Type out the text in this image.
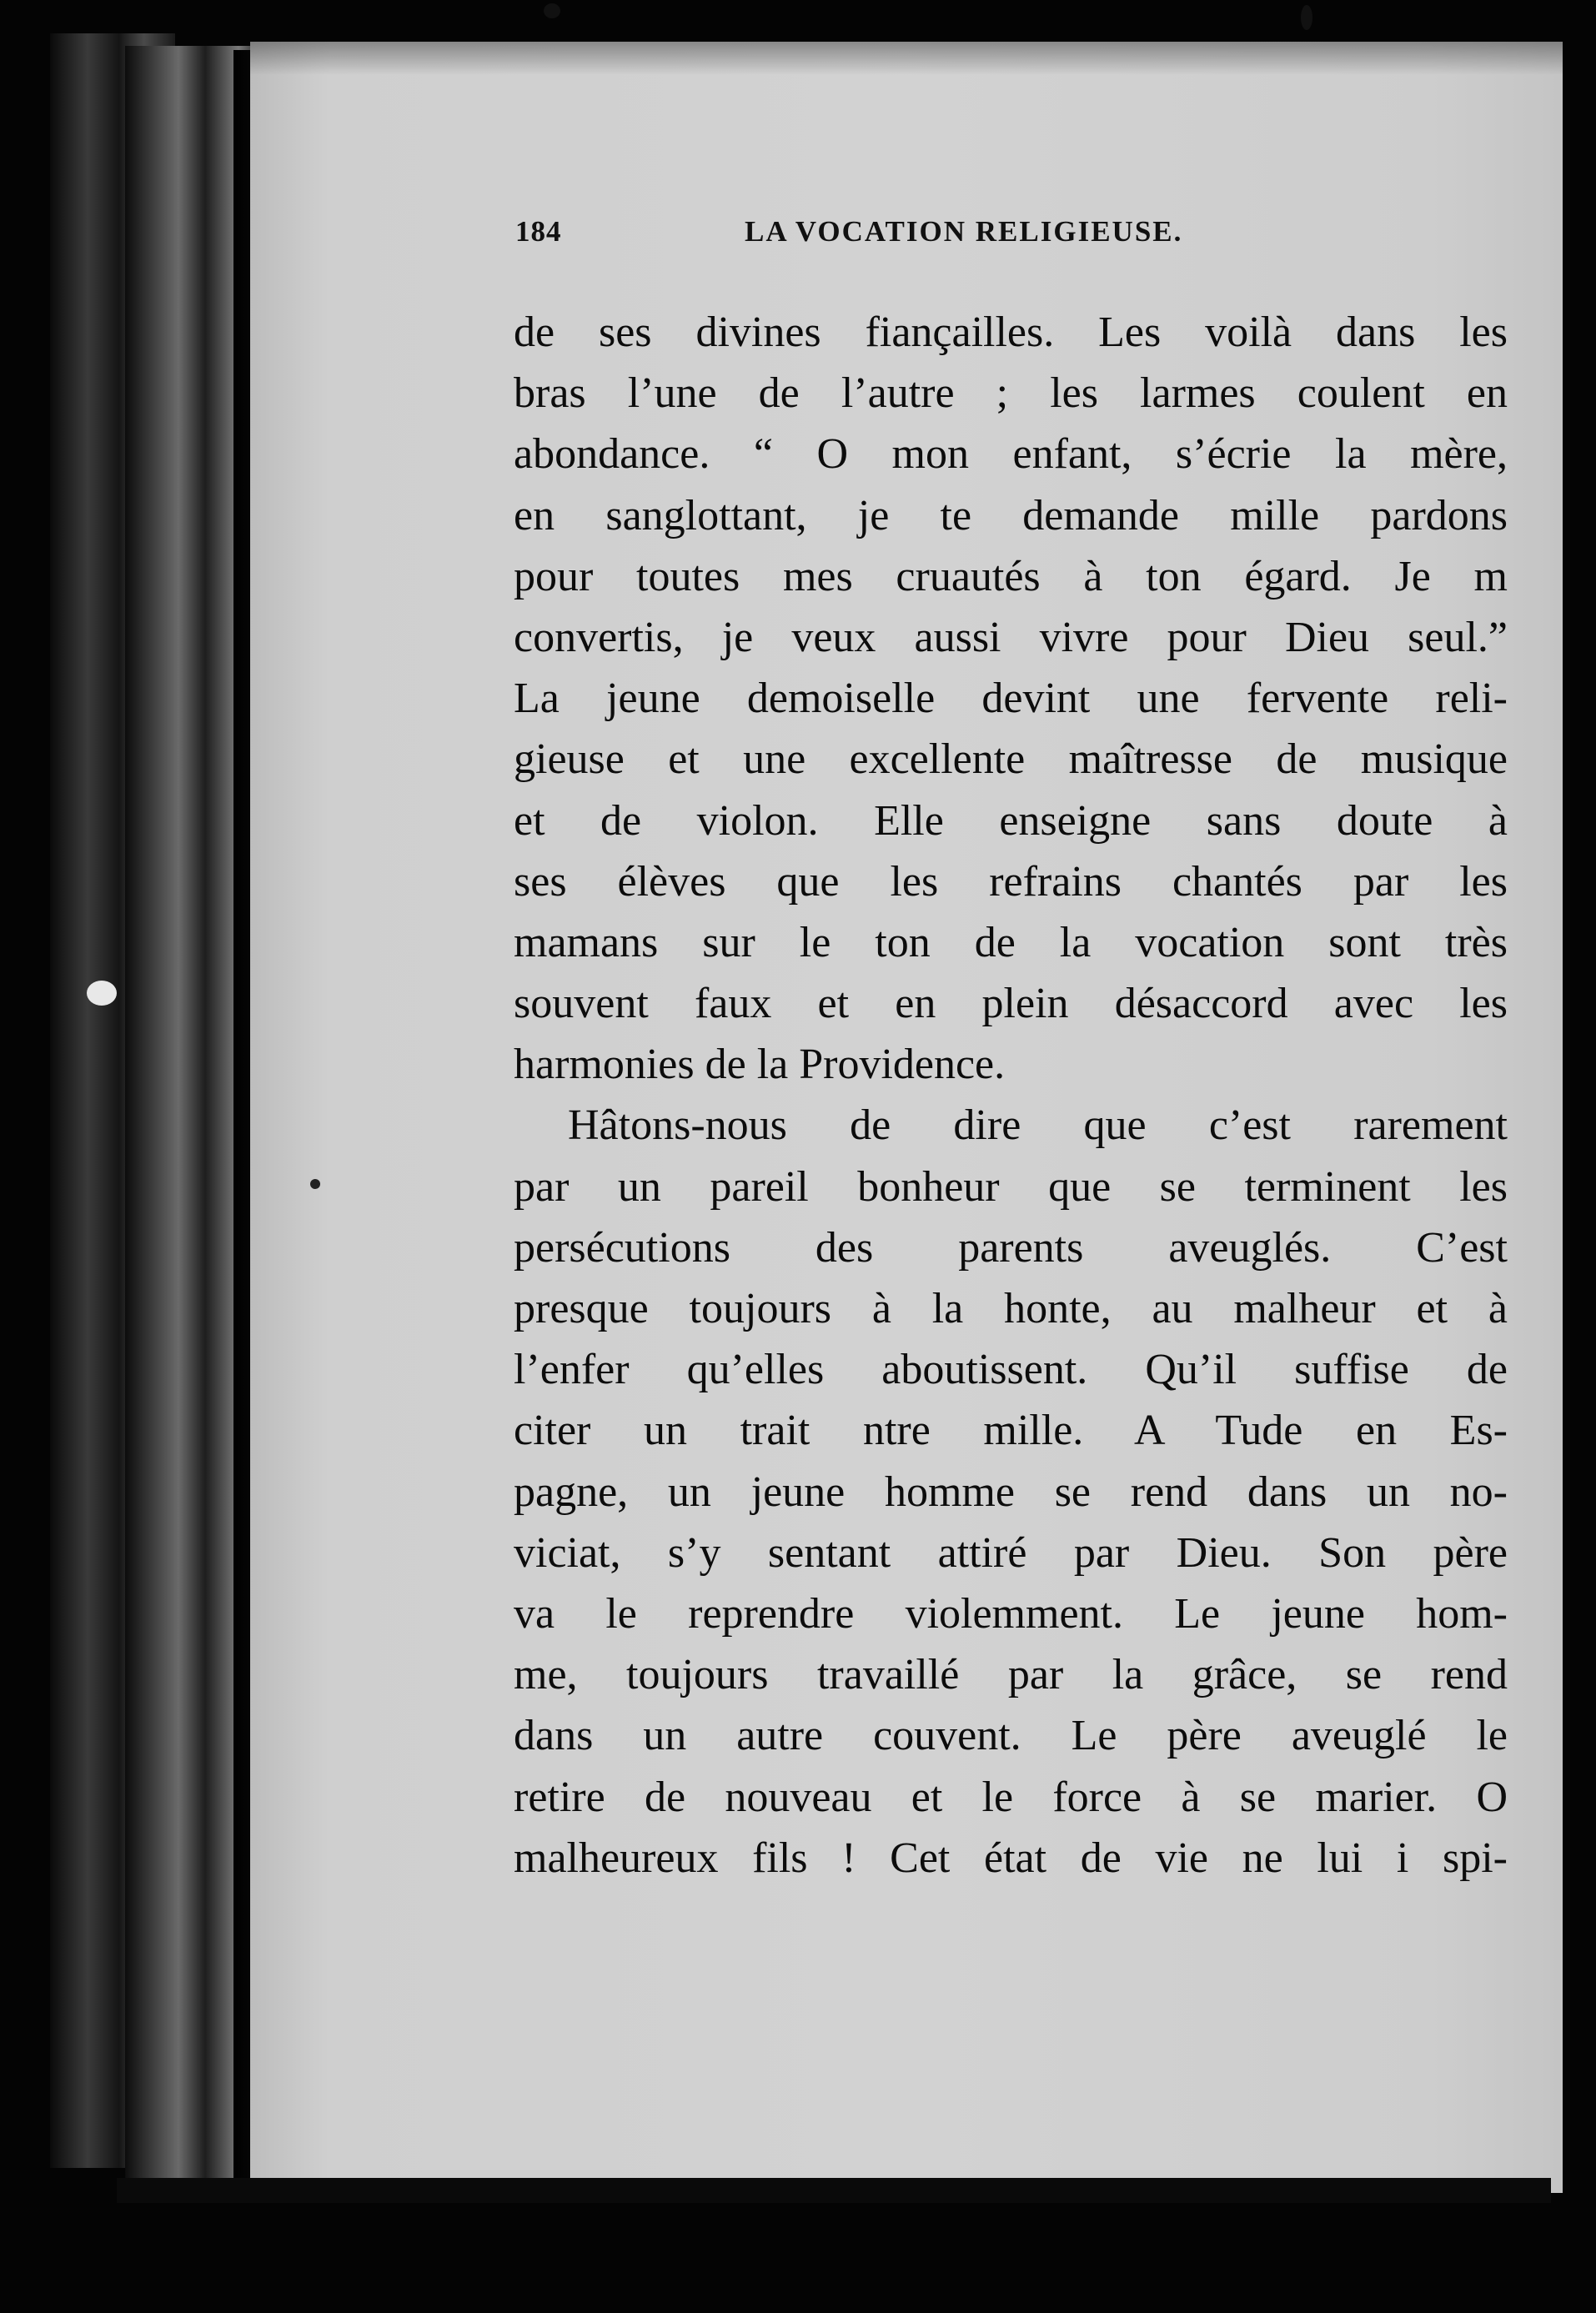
184	LA VOCATION RELIGIEUSE.
de ses divines fiançailles. Les voilà dans les
bras l’une de l’autre ; les larmes coulent en
abondance. “ O mon enfant, s’écrie la mère,
en sanglottant, je te demande mille pardons
pour toutes mes cruautés à ton égard. Je m
convertis, je veux aussi vivre pour Dieu seul.”
La jeune demoiselle devint une fervente reli-
gieuse et une excellente maîtresse de musique
et de violon. Elle enseigne sans doute à
ses élèves que les refrains chantés par les
mamans sur le ton de la vocation sont très
souvent faux et en plein désaccord avec les
harmonies de la Providence.
Hâtons-nous de dire que c’est rarement
par un pareil bonheur que se terminent les
persécutions des parents aveuglés. C’est
presque toujours à la honte, au malheur et à
l’enfer qu’elles aboutissent. Qu’il suffise de
citer un trait ntre mille. A Tude en Es-
pagne, un jeune homme se rend dans un no-
viciat, s’y sentant attiré par Dieu. Son père
va le reprendre violemment. Le jeune hom-
me, toujours travaillé par la grâce, se rend
dans un autre couvent. Le père aveuglé le
retire de nouveau et le force à se marier. O
malheureux fils ! Cet état de vie ne lui i spi-
